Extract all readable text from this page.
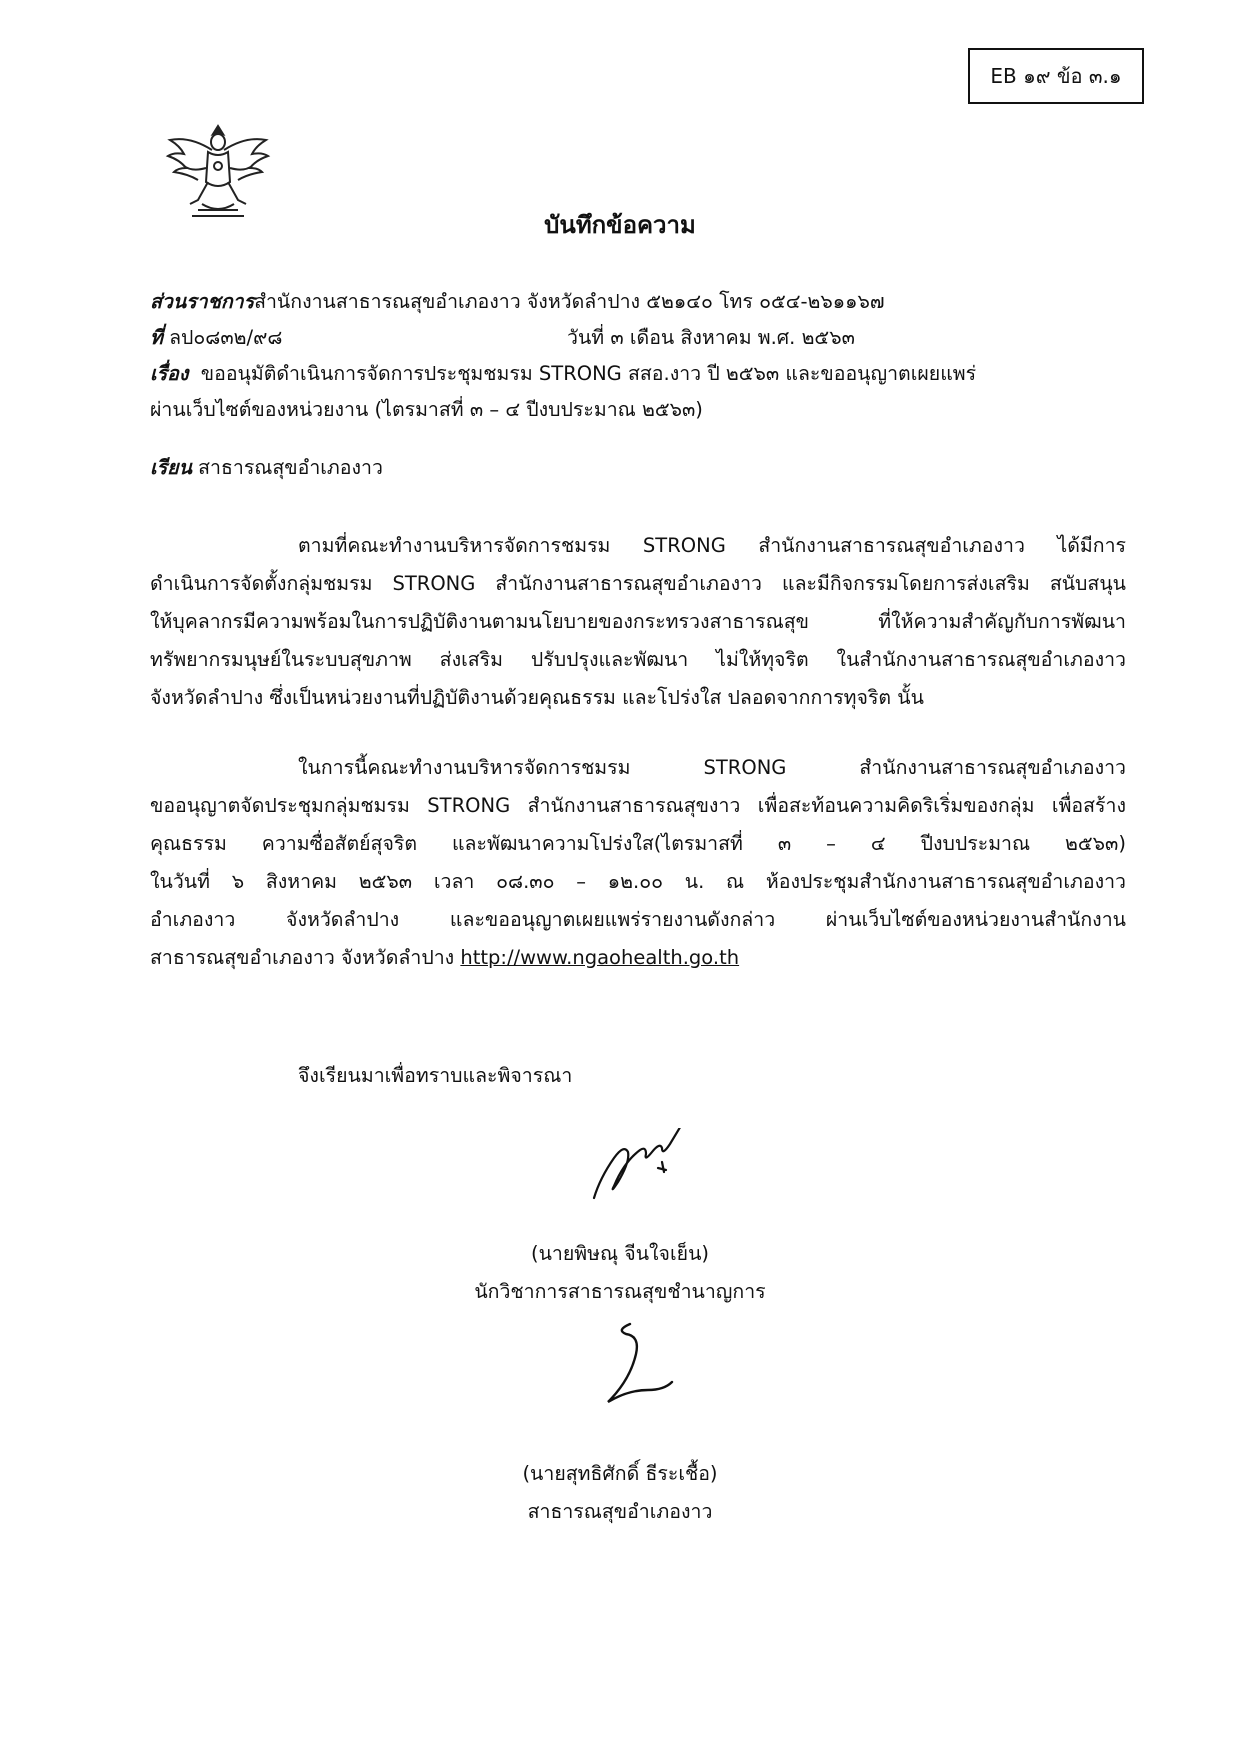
EB ๑๙ ข้อ ๓.๑
บันทึกข้อความ
ส่วนราชการสำนักงานสาธารณสุขอำเภองาว จังหวัดลำปาง ๕๒๑๔๐ โทร ๐๕๔-๒๖๑๑๖๗
ที่ ลป๐๘๓๒/๙๘	วันที่ ๓ เดือน สิงหาคม พ.ศ. ๒๕๖๓
เรื่อง ขออนุมัติดำเนินการจัดการประชุมชมรม STRONG สสอ.งาว ปี ๒๕๖๓ และขออนุญาตเผยแพร่
ผ่านเว็บไซต์ของหน่วยงาน (ไตรมาสที่ ๓ – ๔ ปีงบประมาณ ๒๕๖๓)
เรียน สาธารณสุขอำเภองาว
ตามที่คณะทำงานบริหารจัดการชมรม STRONG สำนักงานสาธารณสุขอำเภองาว ได้มีการ
ดำเนินการจัดตั้งกลุ่มชมรม STRONG สำนักงานสาธารณสุขอำเภองาว และมีกิจกรรมโดยการส่งเสริม สนับสนุน
ให้บุคลากรมีความพร้อมในการปฏิบัติงานตามนโยบายของกระทรวงสาธารณสุข ที่ให้ความสำคัญกับการพัฒนา
ทรัพยากรมนุษย์ในระบบสุขภาพ ส่งเสริม ปรับปรุงและพัฒนา ไม่ให้ทุจริต ในสำนักงานสาธารณสุขอำเภองาว
จังหวัดลำปาง ซึ่งเป็นหน่วยงานที่ปฏิบัติงานด้วยคุณธรรม และโปร่งใส ปลอดจากการทุจริต นั้น
ในการนี้คณะทำงานบริหารจัดการชมรม STRONG สำนักงานสาธารณสุขอำเภองาว
ขออนุญาตจัดประชุมกลุ่มชมรม STRONG สำนักงานสาธารณสุขงาว เพื่อสะท้อนความคิดริเริ่มของกลุ่ม เพื่อสร้าง
คุณธรรม ความซื่อสัตย์สุจริต และพัฒนาความโปร่งใส(ไตรมาสที่ ๓ – ๔ ปีงบประมาณ ๒๕๖๓)
ในวันที่ ๖ สิงหาคม ๒๕๖๓ เวลา ๐๘.๓๐ – ๑๒.๐๐ น. ณ ห้องประชุมสำนักงานสาธารณสุขอำเภองาว
อำเภองาว จังหวัดลำปาง และขออนุญาตเผยแพร่รายงานดังกล่าว ผ่านเว็บไซต์ของหน่วยงานสำนักงาน
สาธารณสุขอำเภองาว จังหวัดลำปาง http://www.ngaohealth.go.th
จึงเรียนมาเพื่อทราบและพิจารณา
(นายพิษณุ จีนใจเย็น)
นักวิชาการสาธารณสุขชำนาญการ
(นายสุทธิศักดิ์ ธีระเชื้อ)
สาธารณสุขอำเภองาว
